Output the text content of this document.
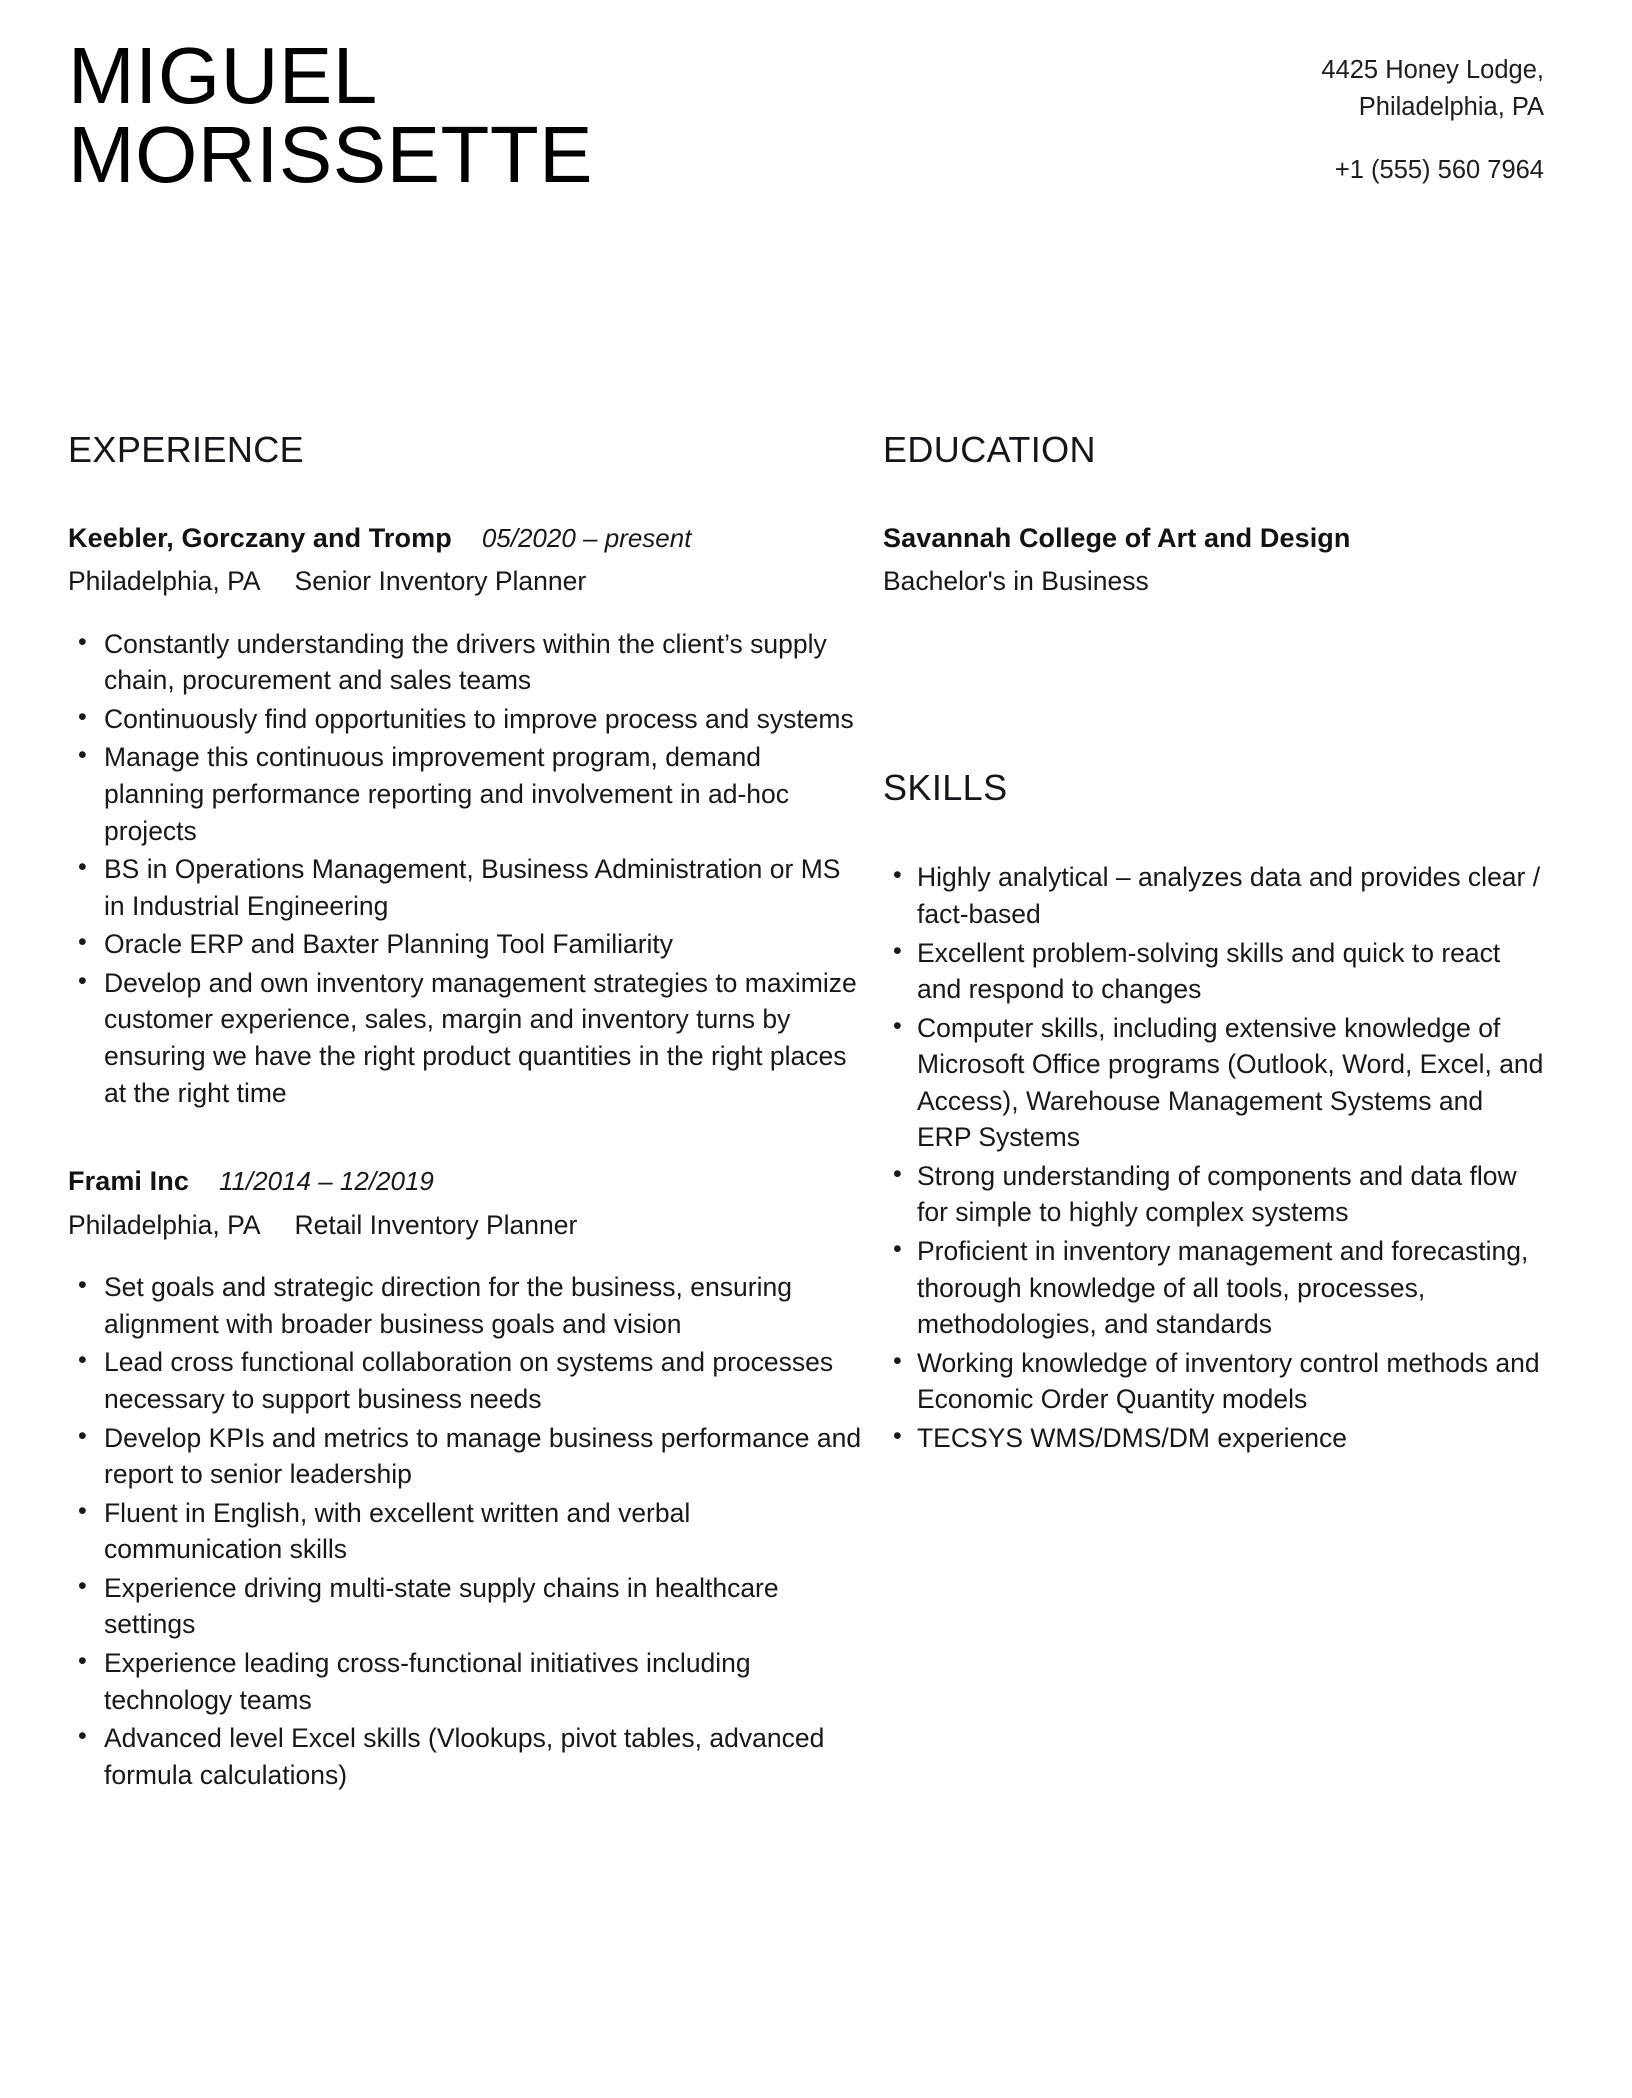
MIGUEL
MORISSETTE
4425 Honey Lodge,
Philadelphia, PA
+1 (555) 560 7964
EXPERIENCE
Keebler, Gorczany and Tromp 05/2020 – present
Philadelphia, PA Senior Inventory Planner
• Constantly understanding the drivers within the client’s supply chain, procurement and sales teams
• Continuously find opportunities to improve process and systems
• Manage this continuous improvement program, demand planning performance reporting and involvement in ad-hoc projects
• BS in Operations Management, Business Administration or MS in Industrial Engineering
• Oracle ERP and Baxter Planning Tool Familiarity
• Develop and own inventory management strategies to maximize customer experience, sales, margin and inventory turns by ensuring we have the right product quantities in the right places at the right time
Frami Inc 11/2014 – 12/2019
Philadelphia, PA Retail Inventory Planner
• Set goals and strategic direction for the business, ensuring alignment with broader business goals and vision
• Lead cross functional collaboration on systems and processes necessary to support business needs
• Develop KPIs and metrics to manage business performance and report to senior leadership
• Fluent in English, with excellent written and verbal communication skills
• Experience driving multi-state supply chains in healthcare settings
• Experience leading cross-functional initiatives including technology teams
• Advanced level Excel skills (Vlookups, pivot tables, advanced formula calculations)
EDUCATION
Savannah College of Art and Design
Bachelor's in Business
SKILLS
• Highly analytical – analyzes data and provides clear / fact-based
• Excellent problem-solving skills and quick to react and respond to changes
• Computer skills, including extensive knowledge of Microsoft Office programs (Outlook, Word, Excel, and Access), Warehouse Management Systems and ERP Systems
• Strong understanding of components and data flow for simple to highly complex systems
• Proficient in inventory management and forecasting, thorough knowledge of all tools, processes, methodologies, and standards
• Working knowledge of inventory control methods and Economic Order Quantity models
• TECSYS WMS/DMS/DM experience
